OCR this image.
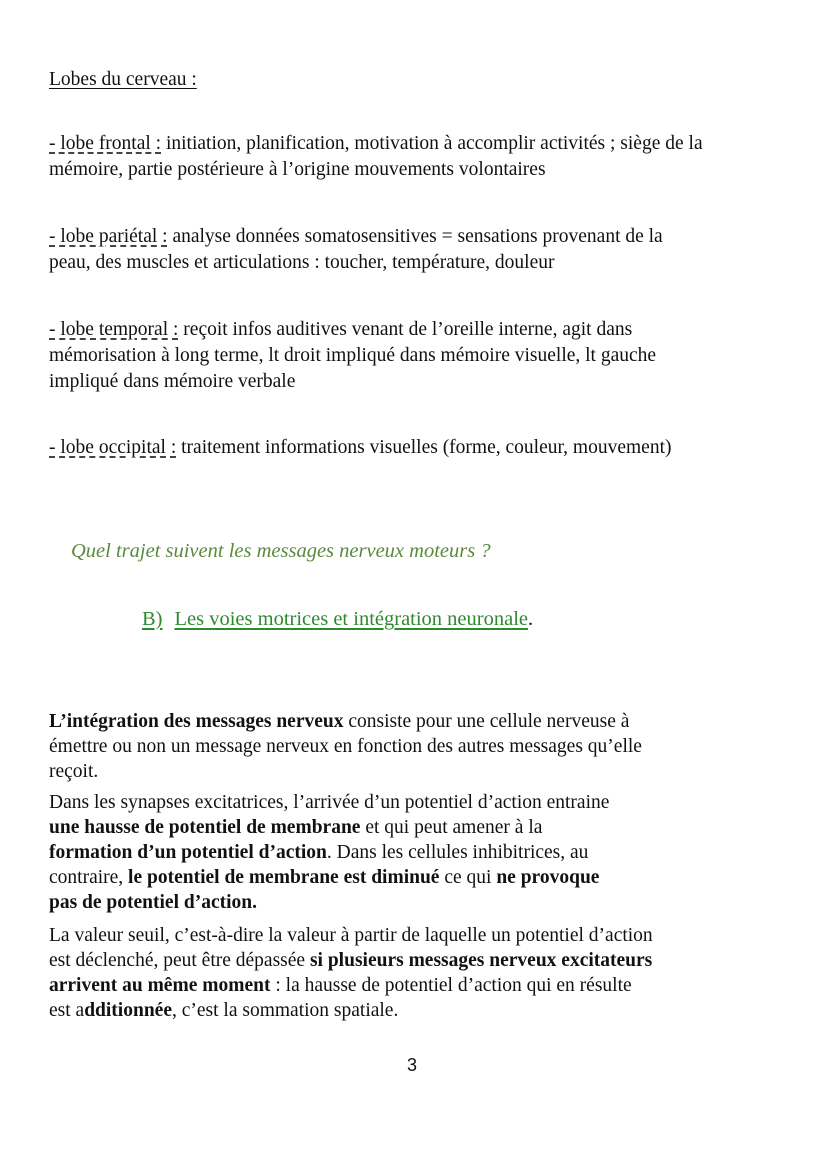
Lobes du cerveau :
- lobe frontal : initiation, planification, motivation à accomplir activités ; siège de la
mémoire, partie postérieure à l’origine mouvements volontaires
- lobe pariétal : analyse données somatosensitives = sensations provenant de la
peau, des muscles et articulations : toucher, température, douleur
- lobe temporal : reçoit infos auditives venant de l’oreille interne, agit dans
mémorisation à long terme, lt droit impliqué dans mémoire visuelle, lt gauche
impliqué dans mémoire verbale
- lobe occipital : traitement informations visuelles (forme, couleur, mouvement)
Quel trajet suivent les messages nerveux moteurs ?
B) Les voies motrices et intégration neuronale.
L’intégration des messages nerveux consiste pour une cellule nerveuse à
émettre ou non un message nerveux en fonction des autres messages qu’elle
reçoit.
Dans les synapses excitatrices, l’arrivée d’un potentiel d’action entraine
une hausse de potentiel de membrane et qui peut amener à la
formation d’un potentiel d’action. Dans les cellules inhibitrices, au
contraire, le potentiel de membrane est diminué ce qui ne provoque
pas de potentiel d’action.
La valeur seuil, c’est-à-dire la valeur à partir de laquelle un potentiel d’action
est déclenché, peut être dépassée si plusieurs messages nerveux excitateurs
arrivent au même moment : la hausse de potentiel d’action qui en résulte
est additionnée, c’est la sommation spatiale.
3
